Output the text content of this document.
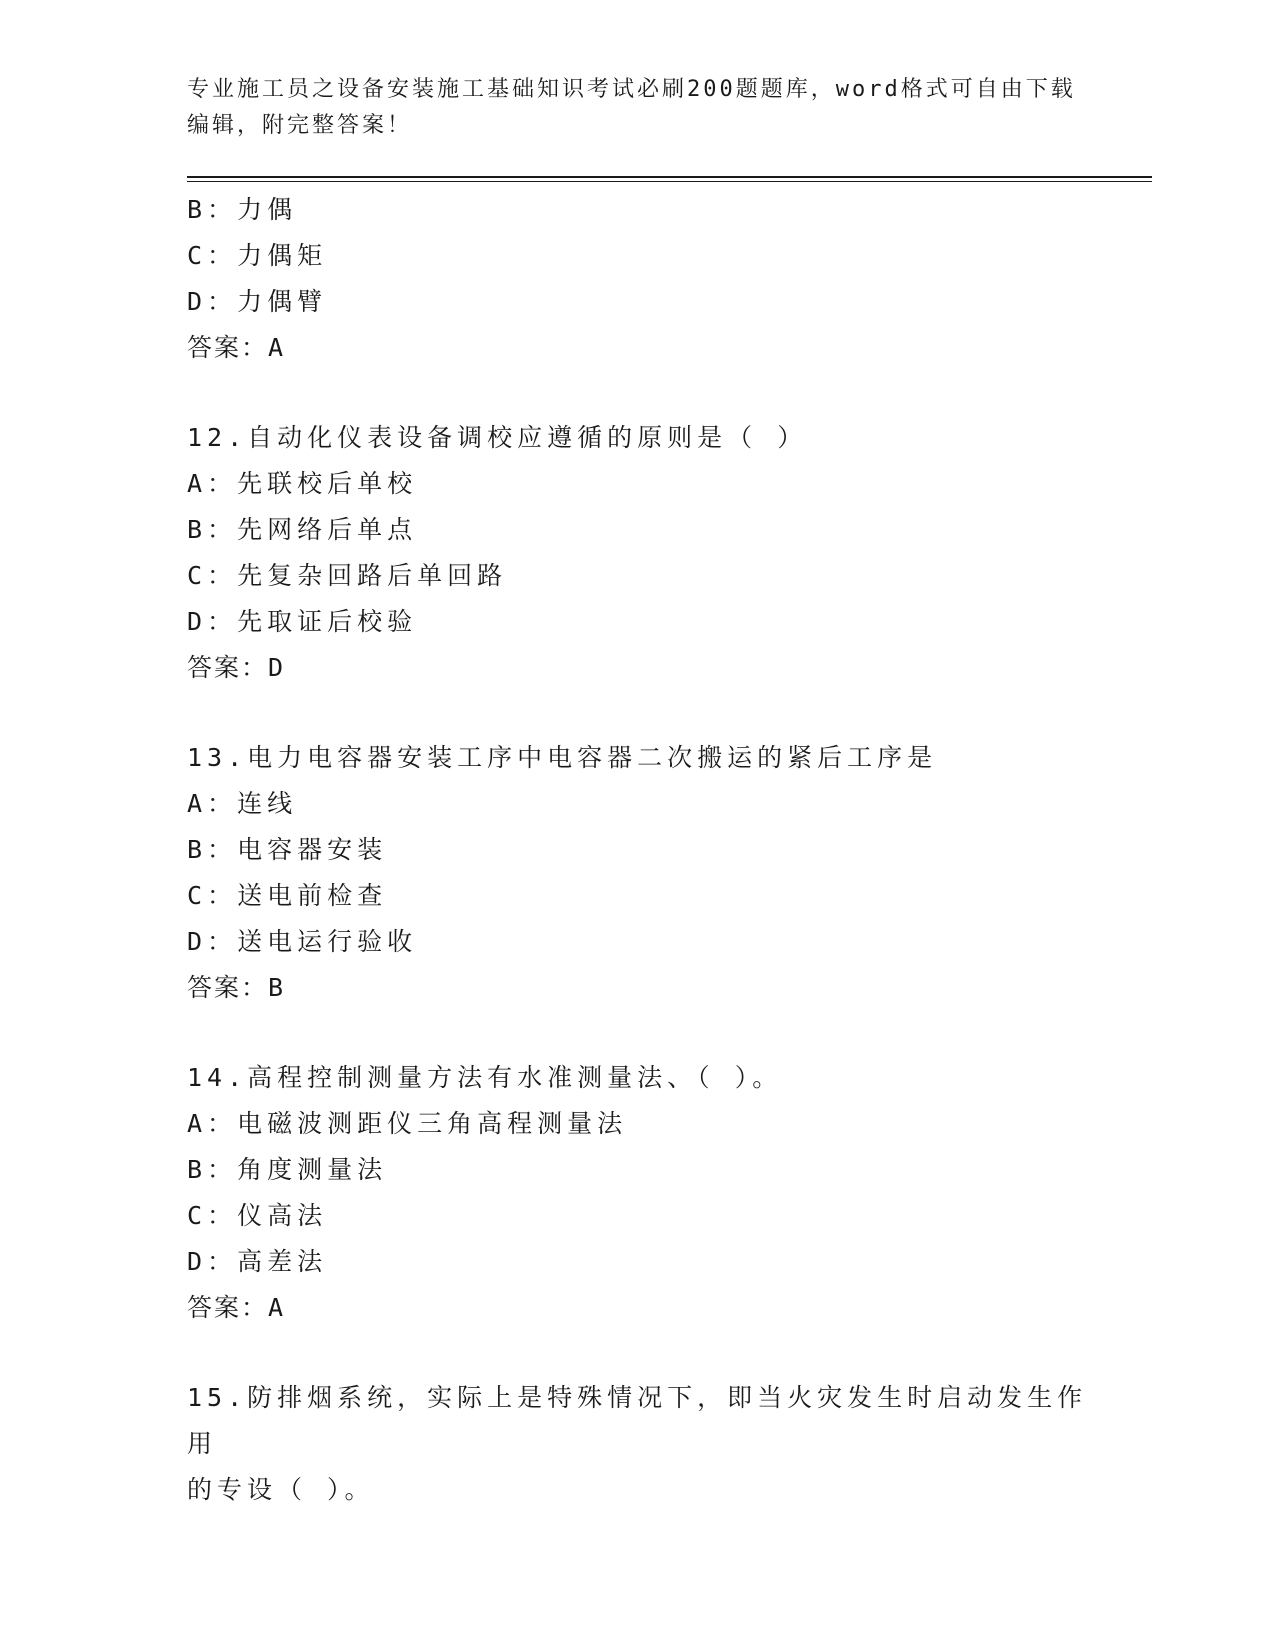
专业施工员之设备安装施工基础知识考试必刷200题题库，word格式可自由下载
编辑，附完整答案！
B：力偶
C：力偶矩
D：力偶臂
答案：A
12.自动化仪表设备调校应遵循的原则是（ ）
A：先联校后单校
B：先网络后单点
C：先复杂回路后单回路
D：先取证后校验
答案：D
13.电力电容器安装工序中电容器二次搬运的紧后工序是
A：连线
B：电容器安装
C：送电前检查
D：送电运行验收
答案：B
14.高程控制测量方法有水准测量法、（ ）。
A：电磁波测距仪三角高程测量法
B：角度测量法
C：仪高法
D：高差法
答案：A
15.防排烟系统，实际上是特殊情况下，即当火灾发生时启动发生作用
的专设（ ）。
